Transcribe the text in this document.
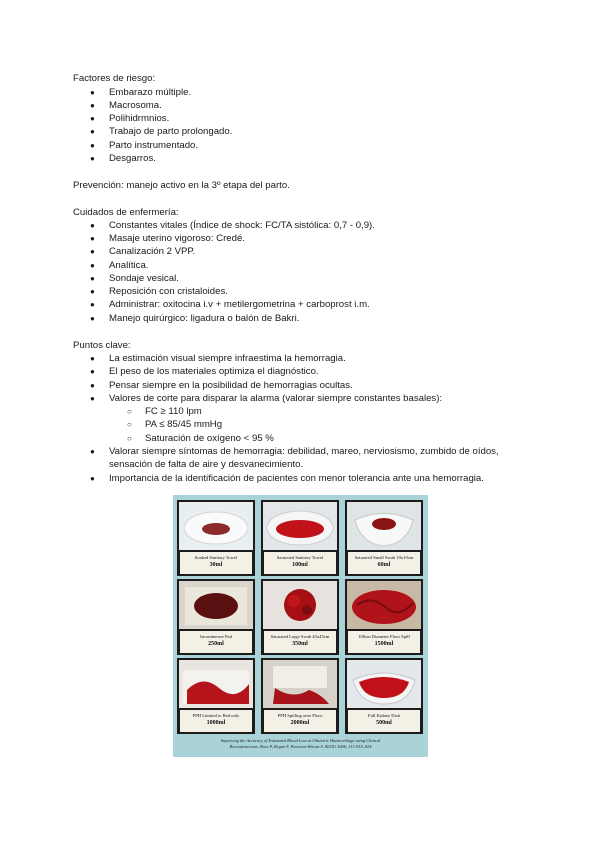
Factores de riesgo:
● Embarazo múltiple.
● Macrosoma.
● Polihidrmnios.
● Trabajo de parto prolongado.
● Parto instrumentado.
● Desgarros.
Prevención: manejo activo en la 3º etapa del parto.
Cuidados de enfermería:
● Constantes vitales (Índice de shock: FC/TA sistólica: 0,7 - 0,9).
● Masaje uterino vigoroso: Credé.
● Canalización 2 VPP.
● Analítica.
● Sondaje vesical.
● Reposición con cristaloides.
● Administrar: oxitocina i.v + metilergometrina + carboprost i.m.
● Manejo quirúrgico: ligadura o balón de Bakri.
Puntos clave:
● La estimación visual siempre infraestima la hemorragia.
● El peso de los materiales optimiza el diagnóstico.
● Pensar siempre en la posibilidad de hemorragias ocultas.
● Valores de corte para disparar la alarma (valorar siempre constantes basales):
○ FC ≥ 110 lpm
○ PA ≤ 85/45 mmHg
○ Saturación de oxígeno < 95 %
● Valorar siempre síntomas de hemorragia: debilidad, mareo, nerviosismo, zumbido de oídos,
sensación de falta de aire y desvanecimiento.
● Importancia de la identificación de pacientes con menor tolerancia ante una hemorragia.
Soaked Sanitary Towel
30ml
Saturated Sanitary Towel
100ml
Saturated Small Swab 10x10cm
60ml
Incontinence Pad
250ml
Saturated Large Swab 45x45cm
350ml
100cm Diameter Floor Spill
1500ml
PPH Limited to Bed only
1000ml
PPH Spilling onto Floor
2000ml
Full Kidney Dish
500ml
Improving the Accuracy of Estimated Blood Loss at Obstetric Haemorrhage using Clinical
Reconstructions. Bose P, Regan F, Paterson-Brown S. BJOG 2006; 113:919–924
